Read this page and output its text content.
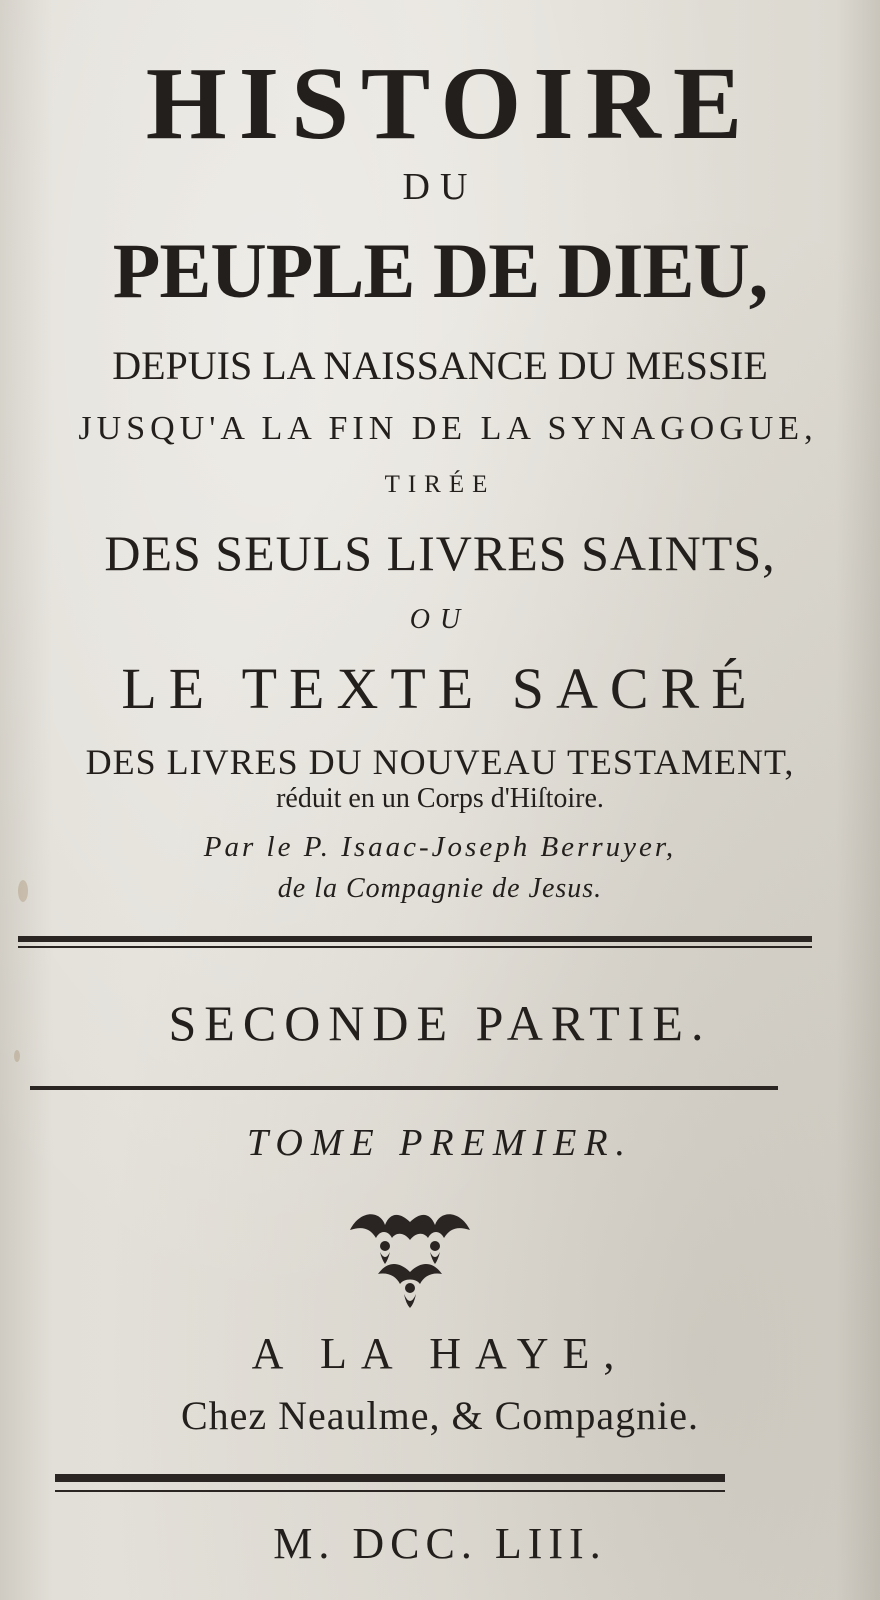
HISTOIRE
DU
PEUPLE DE DIEU,
DEPUIS LA NAISSANCE DU MESSIE
JUSQU'A LA FIN DE LA SYNAGOGUE,
TIRÉE
DES SEULS LIVRES SAINTS,
OU
LE TEXTE SACRÉ
DES LIVRES DU NOUVEAU TESTAMENT,
réduit en un Corps d'Hiſtoire.
Par le P. Isaac-Joseph Berruyer,
de la Compagnie de Jesus.
SECONDE PARTIE.
TOME PREMIER.
A LA HAYE,
Chez Neaulme, & Compagnie.
M. DCC. LIII.
